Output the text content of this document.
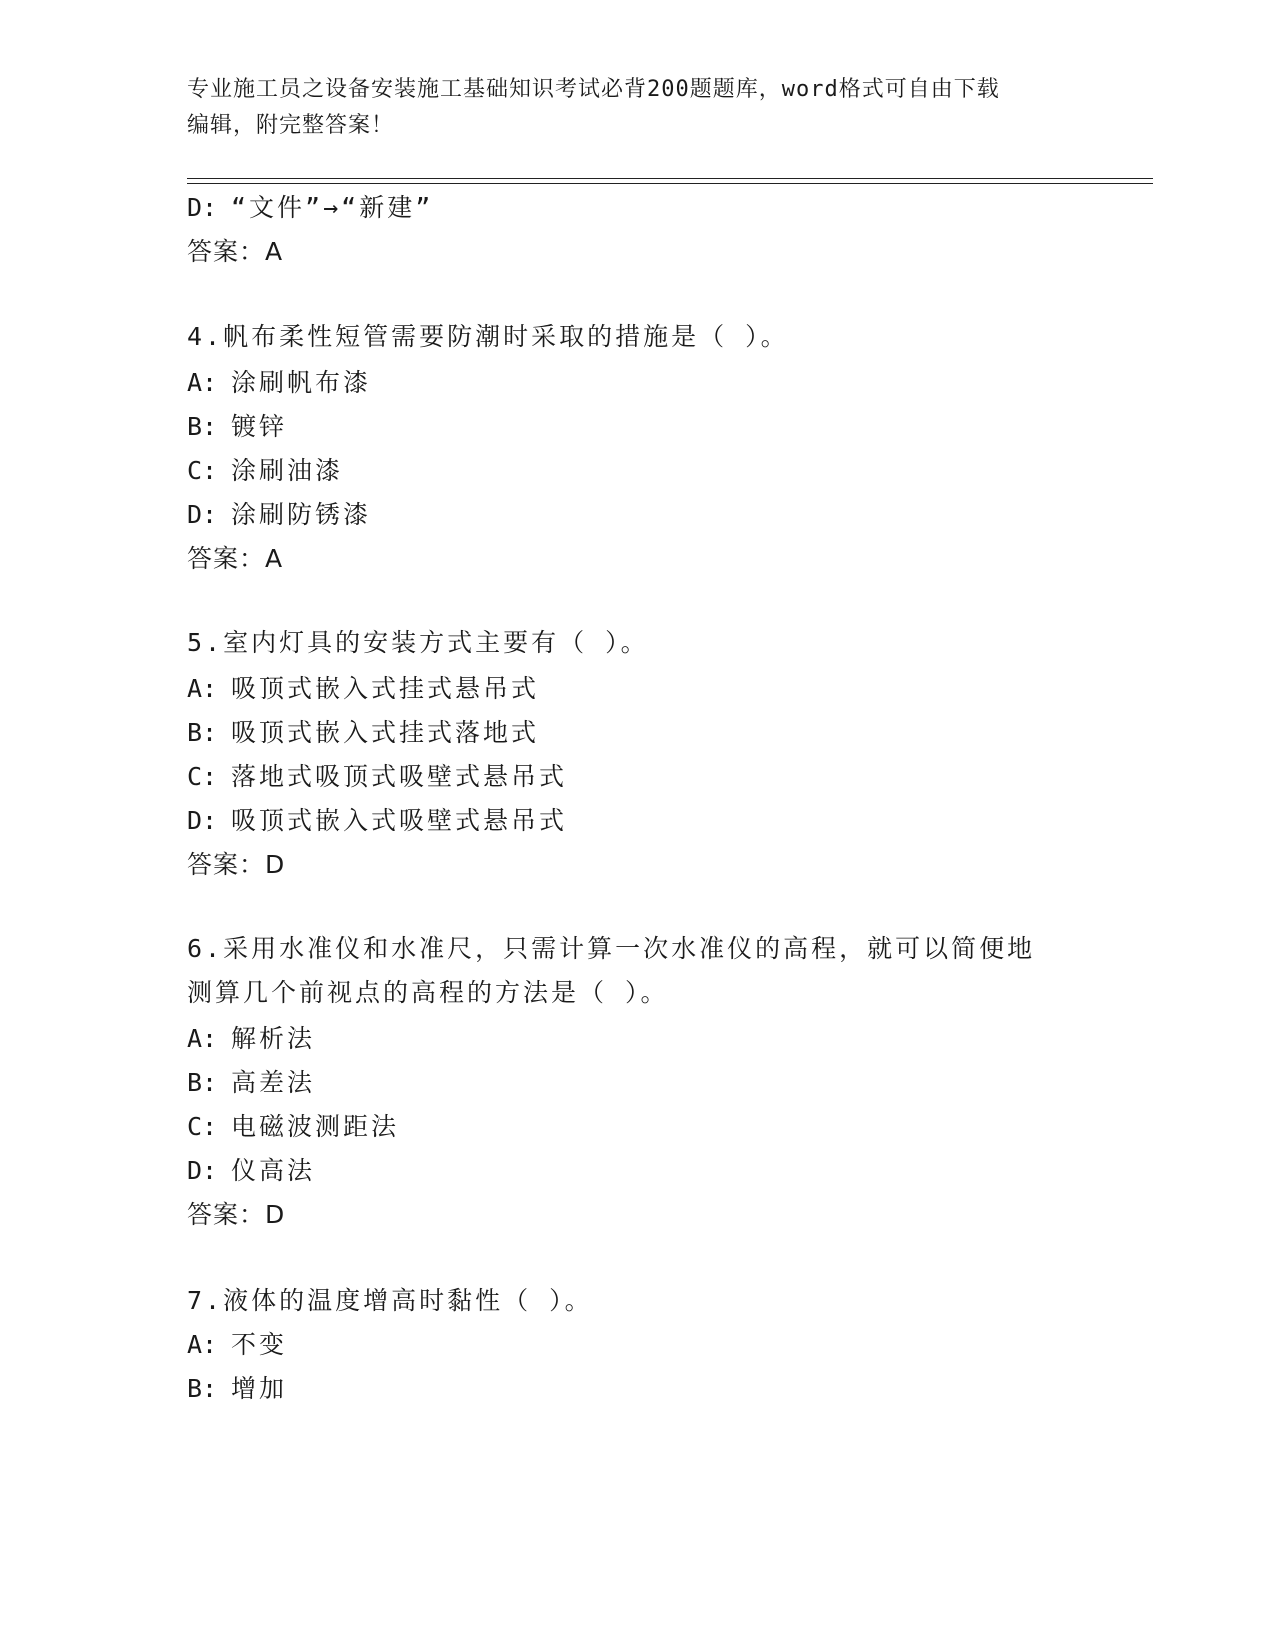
专业施工员之设备安装施工基础知识考试必背200题题库，word格式可自由下载
编辑，附完整答案！
D: “文件”→“新建”
答案：A
4.帆布柔性短管需要防潮时采取的措施是（ ）。
A: 涂刷帆布漆
B: 镀锌
C: 涂刷油漆
D: 涂刷防锈漆
答案：A
5.室内灯具的安装方式主要有（ ）。
A: 吸顶式嵌入式挂式悬吊式
B: 吸顶式嵌入式挂式落地式
C: 落地式吸顶式吸壁式悬吊式
D: 吸顶式嵌入式吸壁式悬吊式
答案：D
6.采用水准仪和水准尺，只需计算一次水准仪的高程，就可以简便地
测算几个前视点的高程的方法是（ ）。
A: 解析法
B: 高差法
C: 电磁波测距法
D: 仪高法
答案：D
7.液体的温度增高时黏性（ ）。
A: 不变
B: 增加
